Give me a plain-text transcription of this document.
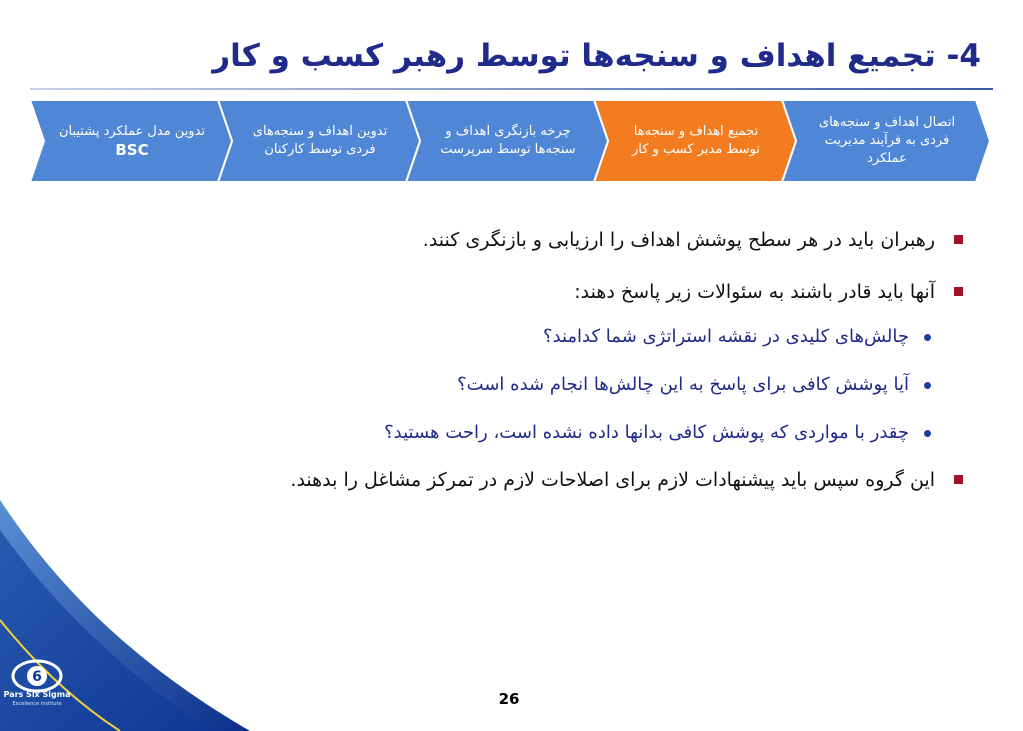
4- تجمیع اهداف و سنجه‌ها توسط رهبر کسب و کار
اتصال اهداف و سنجه‌های فردی به فرآیند مدیریت عملکرد
تجمیع اهداف و سنجه‌ها توسط مدیر کسب و کار
چرخه بازنگری اهداف و سنجه‌ها توسط سرپرست
تدوین اهداف و سنجه‌های فردی توسط کارکنان
تدوین مدل عملکرد پشتیبان
BSC
رهبران باید در هر سطح پوشش اهداف را ارزیابی و بازنگری کنند.
آنها باید قادر باشند به سئوالات زیر پاسخ دهند:
چالش‌های کلیدی در نقشه استراتژی شما کدامند؟
آیا پوشش کافی برای پاسخ به این چالش‌ها انجام شده است؟
چقدر با مواردی که پوشش کافی بدانها داده نشده است، راحت هستید؟
این گروه سپس باید پیشنهادات لازم برای اصلاحات لازم در تمرکز مشاغل را بدهند.
6
Pars Six Sigma
Excellence Institute	26
